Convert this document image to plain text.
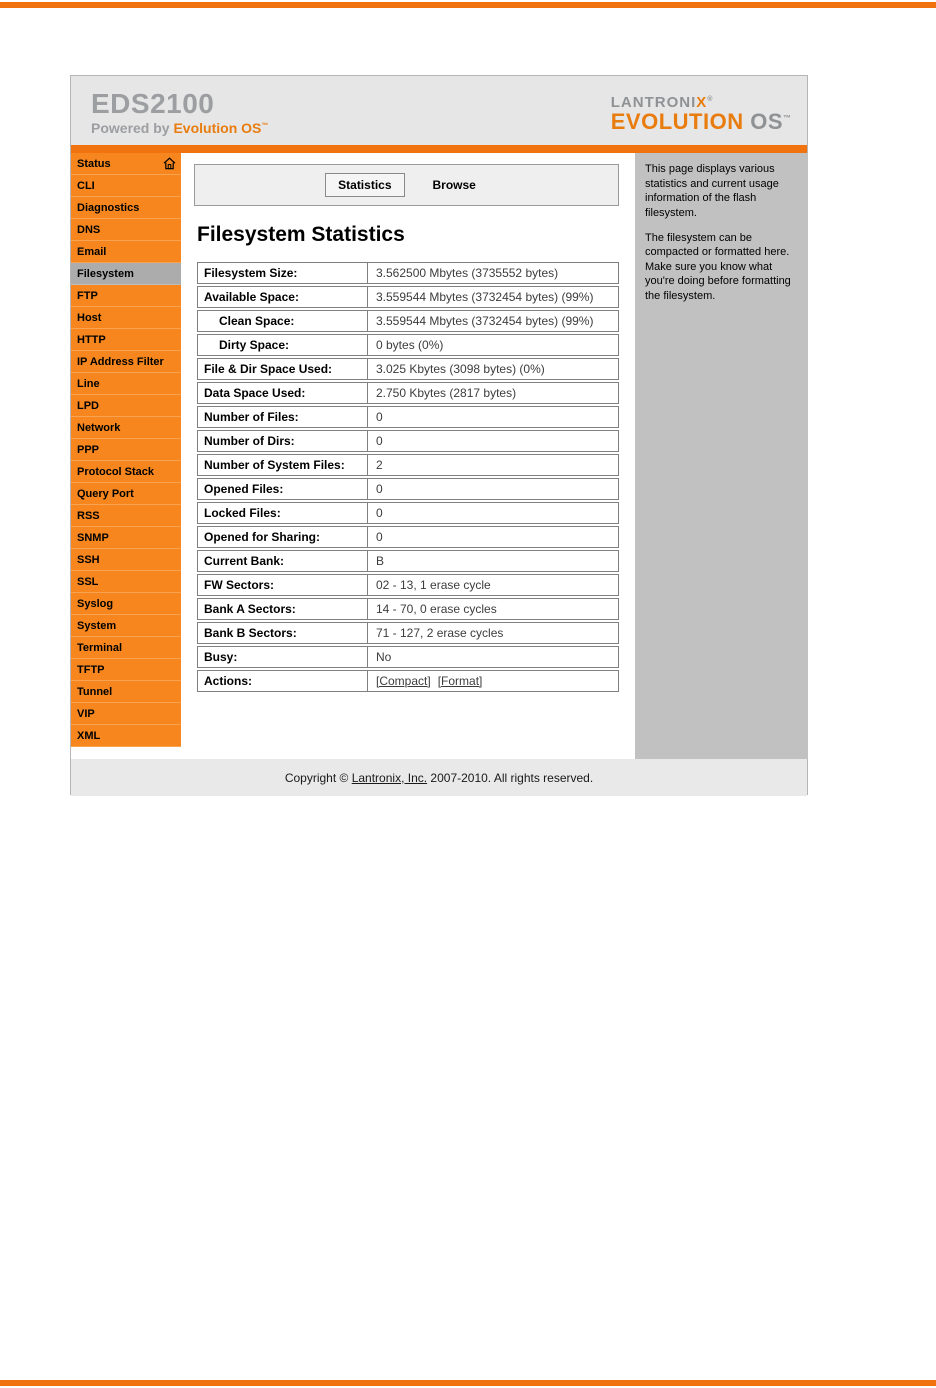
EDS2100
Powered by Evolution OS™
LANTRONIX®
EVOLUTION OS™
Status
CLI
Diagnostics
DNS
Email
Filesystem
FTP
Host
HTTP
IP Address Filter
Line
LPD
Network
PPP
Protocol Stack
Query Port
RSS
SNMP
SSH
SSL
Syslog
System
Terminal
TFTP
Tunnel
VIP
XML
Statistics	Browse
Filesystem Statistics
Filesystem Size:	3.562500 Mbytes (3735552 bytes)
Available Space:	3.559544 Mbytes (3732454 bytes) (99%)
Clean Space:	3.559544 Mbytes (3732454 bytes) (99%)
Dirty Space:	0 bytes (0%)
File & Dir Space Used:	3.025 Kbytes (3098 bytes) (0%)
Data Space Used:	2.750 Kbytes (2817 bytes)
Number of Files:	0
Number of Dirs:	0
Number of System Files:	2
Opened Files:	0
Locked Files:	0
Opened for Sharing:	0
Current Bank:	B
FW Sectors:	02 - 13, 1 erase cycle
Bank A Sectors:	14 - 70, 0 erase cycles
Bank B Sectors:	71 - 127, 2 erase cycles
Busy:	No
Actions:	[Compact] [Format]

This page displays various statistics and current usage information of the flash filesystem.

The filesystem can be compacted or formatted here. Make sure you know what you're doing before formatting the filesystem.

Copyright ©
Lantronix, Inc.
2007-2010. All rights reserved.
